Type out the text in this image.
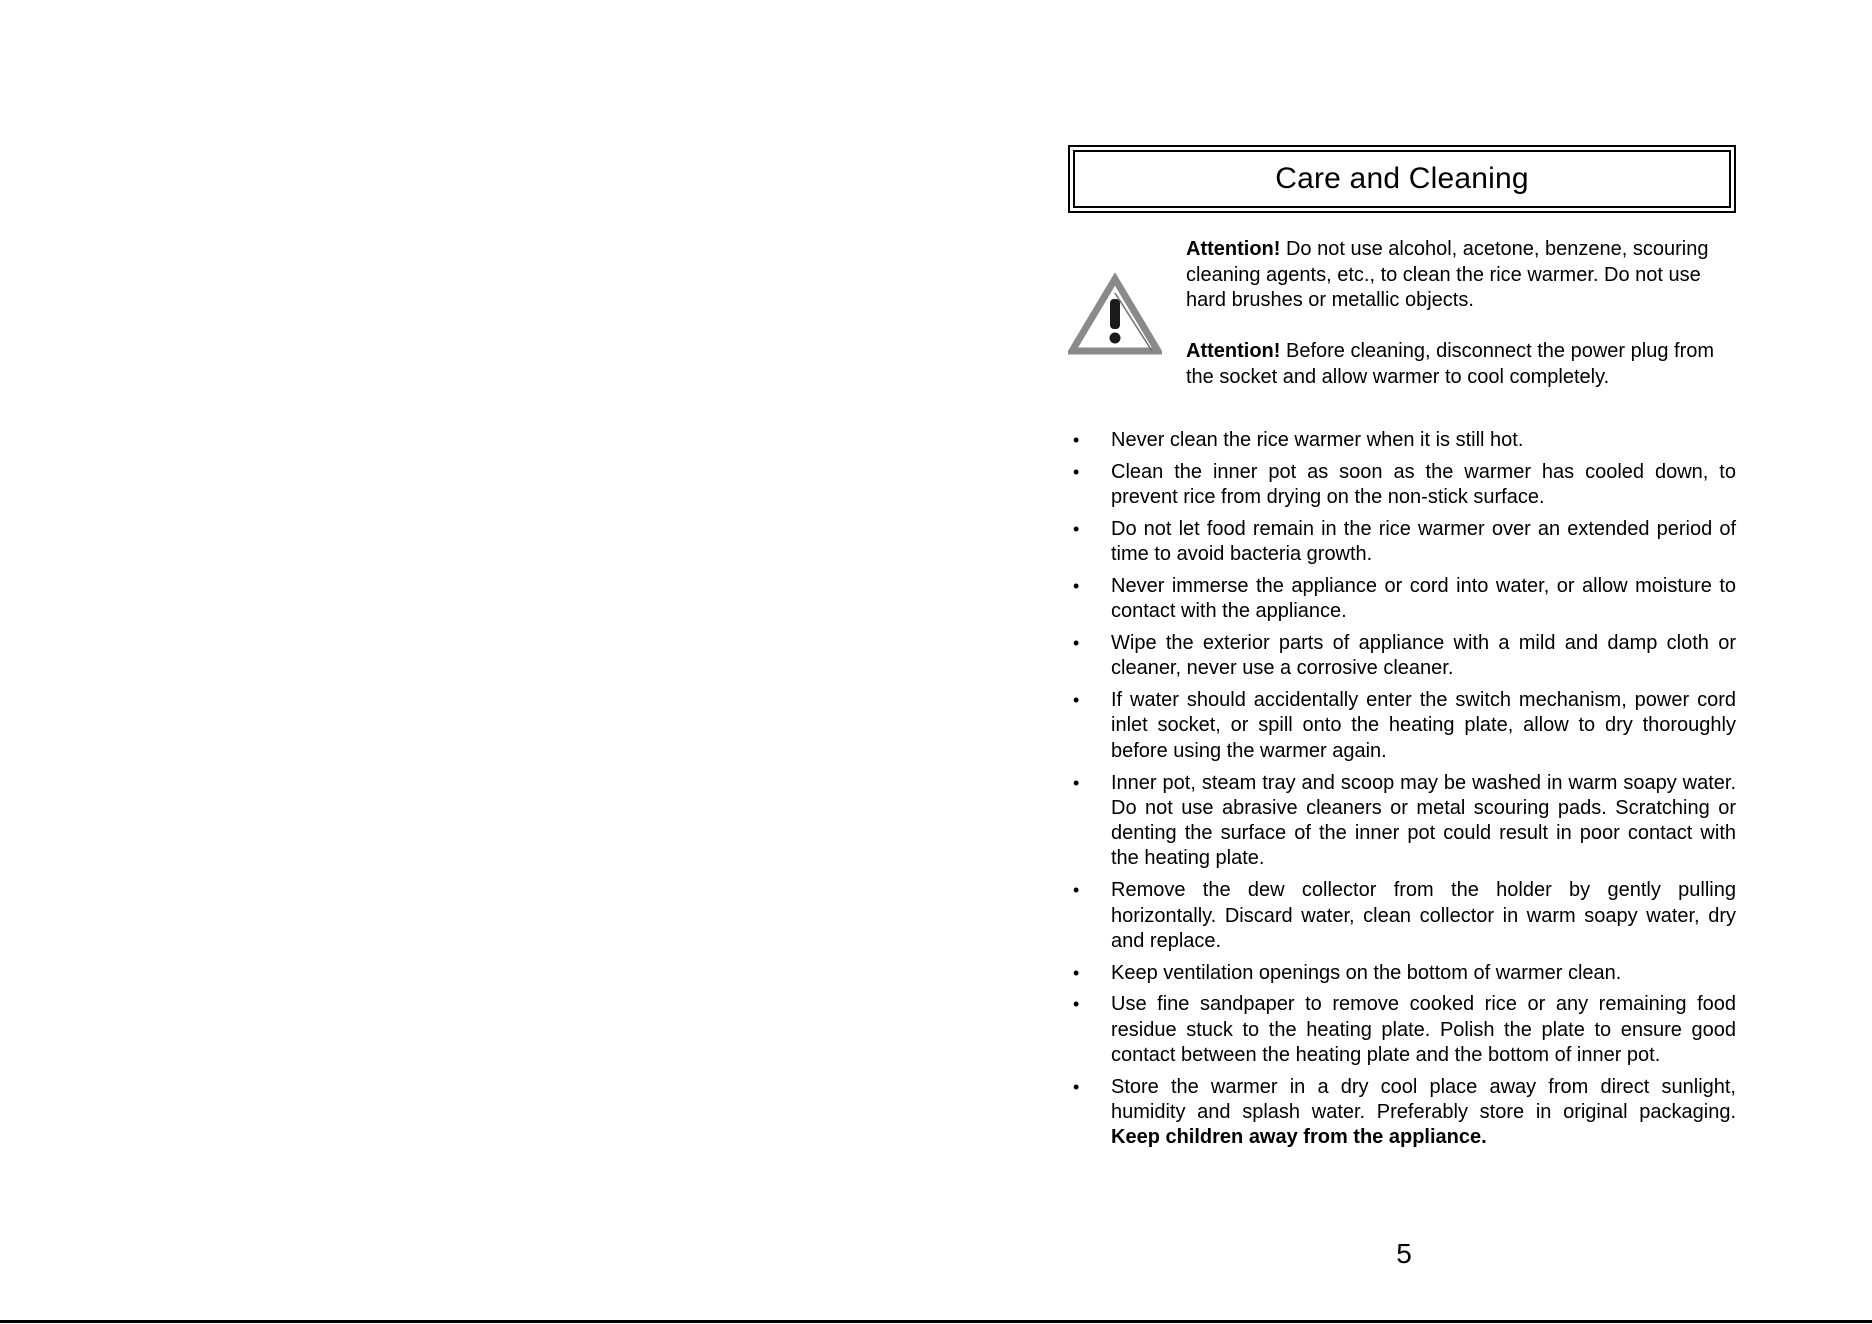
Care and Cleaning
Attention! Do not use alcohol, acetone, benzene, scouring cleaning agents, etc., to clean the rice warmer. Do not use hard brushes or metallic objects.
Attention! Before cleaning, disconnect the power plug from the socket and allow warmer to cool completely.
• Never clean the rice warmer when it is still hot.
• Clean the inner pot as soon as the warmer has cooled down, to prevent rice from drying on the non-stick surface.
• Do not let food remain in the rice warmer over an extended period of time to avoid bacteria growth.
• Never immerse the appliance or cord into water, or allow moisture to contact with the appliance.
• Wipe the exterior parts of appliance with a mild and damp cloth or cleaner, never use a corrosive cleaner.
• If water should accidentally enter the switch mechanism, power cord inlet socket, or spill onto the heating plate, allow to dry thoroughly before using the warmer again.
• Inner pot, steam tray and scoop may be washed in warm soapy water. Do not use abrasive cleaners or metal scouring pads. Scratching or denting the surface of the inner pot could result in poor contact with the heating plate.
• Remove the dew collector from the holder by gently pulling horizontally. Discard water, clean collector in warm soapy water, dry and replace.
• Keep ventilation openings on the bottom of warmer clean.
• Use fine sandpaper to remove cooked rice or any remaining food residue stuck to the heating plate. Polish the plate to ensure good contact between the heating plate and the bottom of inner pot.
• Store the warmer in a dry cool place away from direct sunlight, humidity and splash water. Preferably store in original packaging. Keep children away from the appliance.
5
